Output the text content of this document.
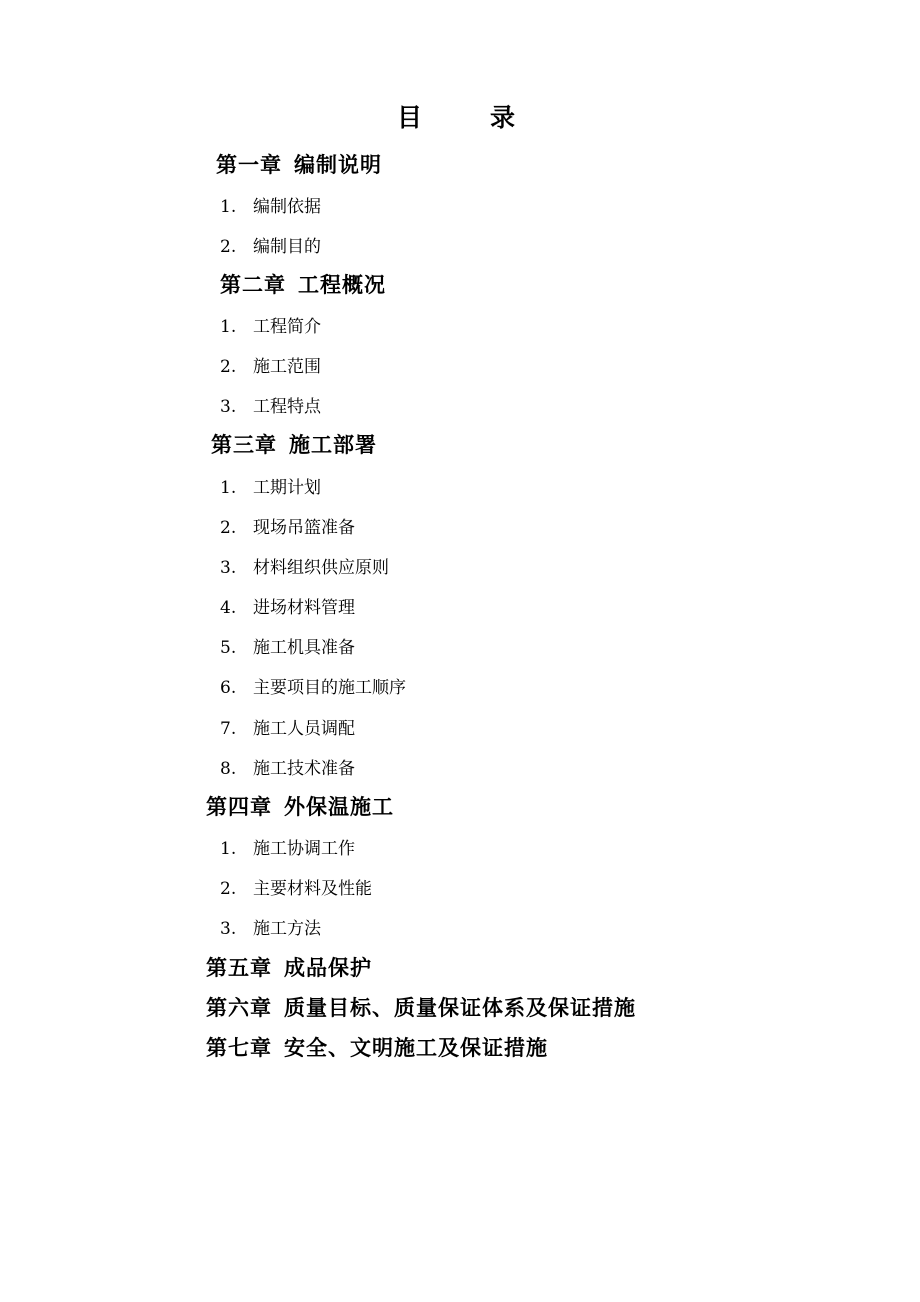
目录
第一章 编制说明
1. 编制依据
2. 编制目的
第二章 工程概况
1. 工程简介
2. 施工范围
3. 工程特点
第三章 施工部署
1. 工期计划
2. 现场吊篮准备
3. 材料组织供应原则
4. 进场材料管理
5. 施工机具准备
6. 主要项目的施工顺序
7. 施工人员调配
8. 施工技术准备
第四章 外保温施工
1. 施工协调工作
2. 主要材料及性能
3. 施工方法
第五章 成品保护
第六章 质量目标、质量保证体系及保证措施
第七章 安全、文明施工及保证措施
